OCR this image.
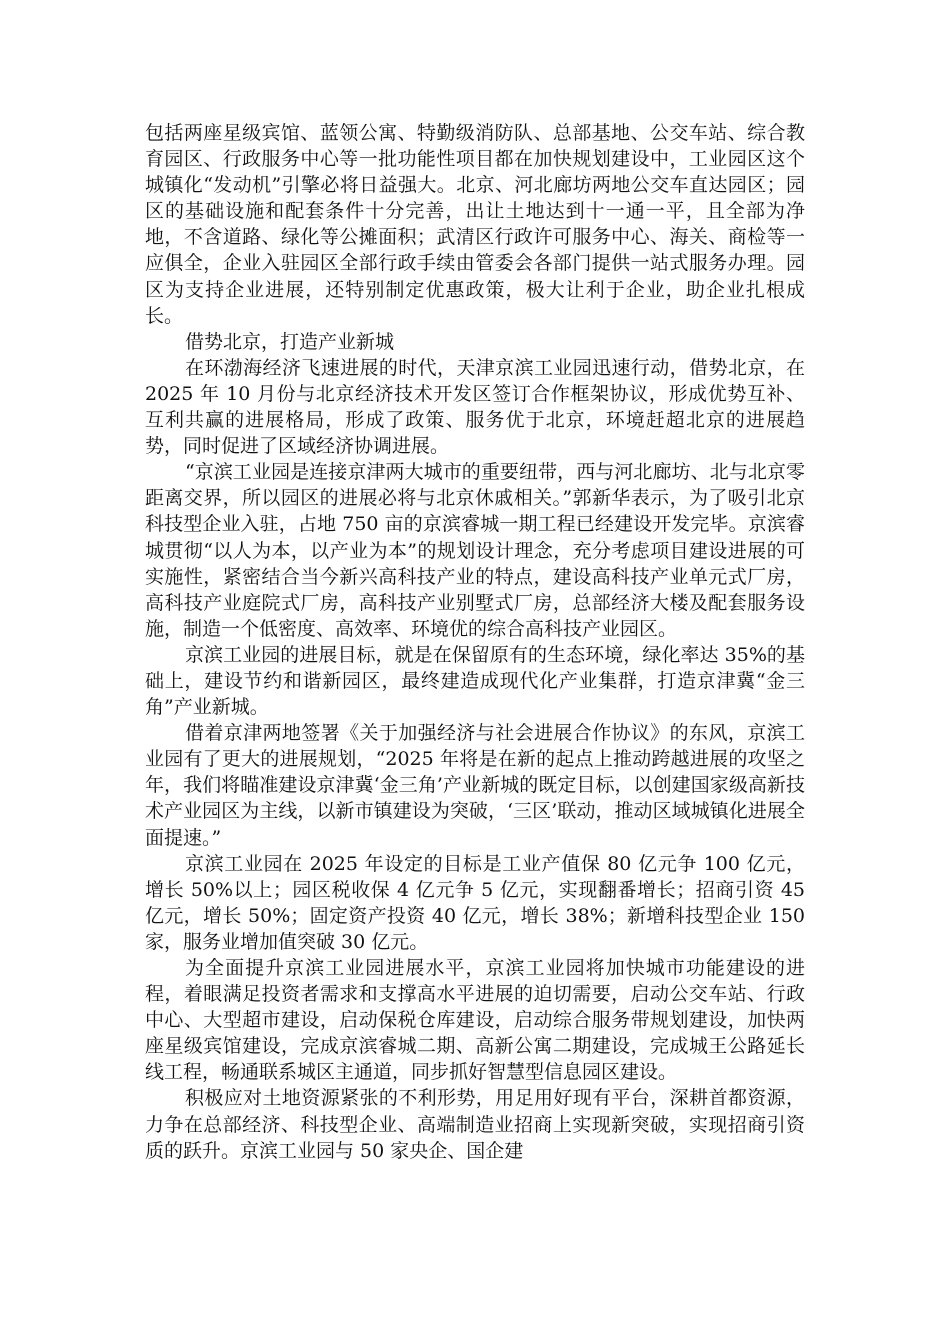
包括两座星级宾馆、蓝领公寓、特勤级消防队、总部基地、公交车站、综合教育园区、行政服务中心等一批功能性项目都在加快规划建设中，工业园区这个城镇化“发动机”引擎必将日益强大。北京、河北廊坊两地公交车直达园区；园区的基础设施和配套条件十分完善，出让土地达到十一通一平，且全部为净地，不含道路、绿化等公摊面积；武清区行政许可服务中心、海关、商检等一应俱全，企业入驻园区全部行政手续由管委会各部门提供一站式服务办理。园区为支持企业进展，还特别制定优惠政策，极大让利于企业，助企业扎根成长。

借势北京，打造产业新城

在环渤海经济飞速进展的时代，天津京滨工业园迅速行动，借势北京，在 2025 年 10 月份与北京经济技术开发区签订合作框架协议，形成优势互补、互利共赢的进展格局，形成了政策、服务优于北京，环境赶超北京的进展趋势，同时促进了区域经济协调进展。

“京滨工业园是连接京津两大城市的重要纽带，西与河北廊坊、北与北京零距离交界，所以园区的进展必将与北京休戚相关。”郭新华表示，为了吸引北京科技型企业入驻，占地 750 亩的京滨睿城一期工程已经建设开发完毕。京滨睿城贯彻“以人为本，以产业为本”的规划设计理念，充分考虑项目建设进展的可实施性，紧密结合当今新兴高科技产业的特点，建设高科技产业单元式厂房，高科技产业庭院式厂房，高科技产业别墅式厂房，总部经济大楼及配套服务设施，制造一个低密度、高效率、环境优的综合高科技产业园区。

京滨工业园的进展目标，就是在保留原有的生态环境，绿化率达 35%的基础上，建设节约和谐新园区，最终建造成现代化产业集群，打造京津冀“金三角”产业新城。

借着京津两地签署《关于加强经济与社会进展合作协议》的东风，京滨工业园有了更大的进展规划，“2025 年将是在新的起点上推动跨越进展的攻坚之年，我们将瞄准建设京津冀‘金三角’产业新城的既定目标，以创建国家级高新技术产业园区为主线，以新市镇建设为突破，‘三区’联动，推动区域城镇化进展全面提速。”

京滨工业园在 2025 年设定的目标是工业产值保 80 亿元争 100 亿元，增长 50%以上；园区税收保 4 亿元争 5 亿元，实现翻番增长；招商引资 45 亿元，增长 50%；固定资产投资 40 亿元，增长 38%；新增科技型企业 150 家，服务业增加值突破 30 亿元。

为全面提升京滨工业园进展水平，京滨工业园将加快城市功能建设的进程，着眼满足投资者需求和支撑高水平进展的迫切需要，启动公交车站、行政中心、大型超市建设，启动保税仓库建设，启动综合服务带规划建设，加快两座星级宾馆建设，完成京滨睿城二期、高新公寓二期建设，完成城王公路延长线工程，畅通联系城区主通道，同步抓好智慧型信息园区建设。

积极应对土地资源紧张的不利形势，用足用好现有平台，深耕首都资源，力争在总部经济、科技型企业、高端制造业招商上实现新突破，实现招商引资质的跃升。京滨工业园与 50 家央企、国企建
